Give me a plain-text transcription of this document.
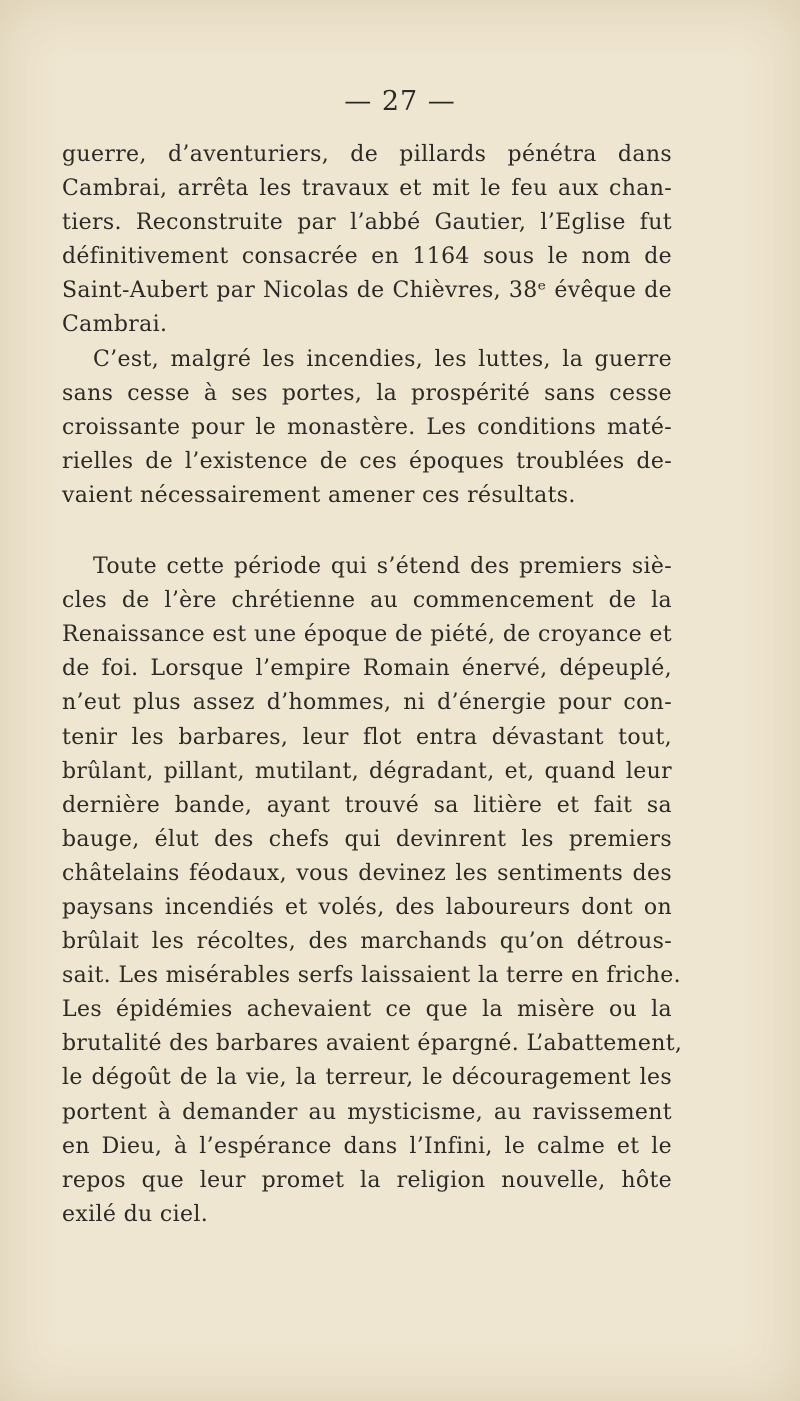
— 27 —
guerre, d’aventuriers, de pillards pénétra dans
Cambrai, arrêta les travaux et mit le feu aux chan-
tiers. Reconstruite par l’abbé Gautier, l’Eglise fut
définitivement consacrée en 1164 sous le nom de
Saint-Aubert par Nicolas de Chièvres, 38ᵉ évêque de
Cambrai.
C’est, malgré les incendies, les luttes, la guerre
sans cesse à ses portes, la prospérité sans cesse
croissante pour le monastère. Les conditions maté-
rielles de l’existence de ces époques troublées de-
vaient nécessairement amener ces résultats.
Toute cette période qui s’étend des premiers siè-
cles de l’ère chrétienne au commencement de la
Renaissance est une époque de piété, de croyance et
de foi. Lorsque l’empire Romain énervé, dépeuplé,
n’eut plus assez d’hommes, ni d’énergie pour con-
tenir les barbares, leur flot entra dévastant tout,
brûlant, pillant, mutilant, dégradant, et, quand leur
dernière bande, ayant trouvé sa litière et fait sa
bauge, élut des chefs qui devinrent les premiers
châtelains féodaux, vous devinez les sentiments des
paysans incendiés et volés, des laboureurs dont on
brûlait les récoltes, des marchands qu’on détrous-
sait. Les misérables serfs laissaient la terre en friche.
Les épidémies achevaient ce que la misère ou la
brutalité des barbares avaient épargné. L’abattement,
le dégoût de la vie, la terreur, le découragement les
portent à demander au mysticisme, au ravissement
en Dieu, à l’espérance dans l’Infini, le calme et le
repos que leur promet la religion nouvelle, hôte
exilé du ciel.
